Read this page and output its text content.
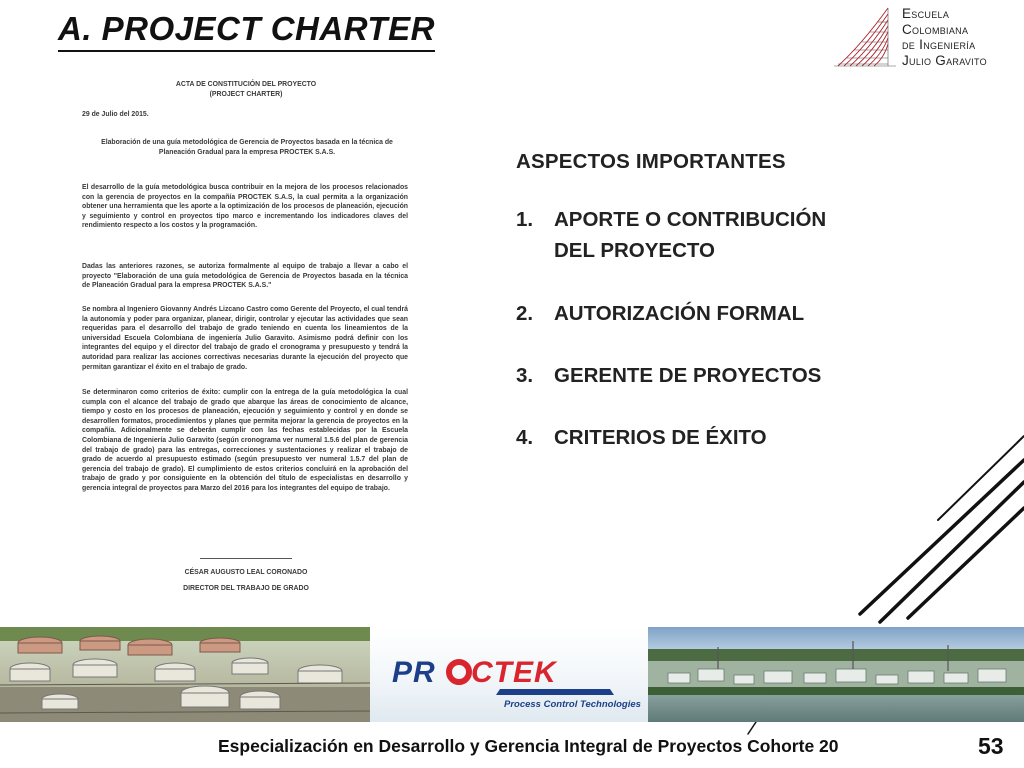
A. PROJECT CHARTER	Escuela
Colombiana
de Ingeniería
Julio Garavito
ACTA DE CONSTITUCIÓN DEL PROYECTO
(PROJECT CHARTER)
29 de Julio del 2015.
Elaboración de una guía metodológica de Gerencia de Proyectos basada en la técnica de Planeación Gradual para la empresa PROCTEK S.A.S.

El desarrollo de la guía metodológica busca contribuir en la mejora de los procesos relacionados con la gerencia de proyectos en la compañía PROCTEK S.A.S, la cual permita a la organización obtener una herramienta que les aporte a la optimización de los procesos de planeación, ejecución y seguimiento y control en proyectos tipo marco e incrementando los indicadores claves del rendimiento respecto a los costos y la programación.

Dadas las anteriores razones, se autoriza formalmente al equipo de trabajo a llevar a cabo el proyecto "Elaboración de una guía metodológica de Gerencia de Proyectos basada en la técnica de Planeación Gradual para la empresa PROCTEK S.A.S."

Se nombra al Ingeniero Giovanny Andrés Lizcano Castro como Gerente del Proyecto, el cual tendrá la autonomía y poder para organizar, planear, dirigir, controlar y ejecutar las actividades que sean requeridas para el desarrollo del trabajo de grado teniendo en cuenta los lineamientos de la universidad Escuela Colombiana de ingeniería Julio Garavito. Asimismo podrá definir con los integrantes del equipo y el director del trabajo de grado el cronograma y presupuesto y tendrá la autoridad para realizar las acciones correctivas necesarias durante la ejecución del proyecto que permitan garantizar el éxito en el trabajo de grado.

Se determinaron como criterios de éxito: cumplir con la entrega de la guía metodológica la cual cumpla con el alcance del trabajo de grado que abarque las áreas de conocimiento de alcance, tiempo y costo en los procesos de planeación, ejecución y seguimiento y control y en donde se desarrollen formatos, procedimientos y planes que permita mejorar la gerencia de proyectos en la compañía. Adicionalmente se deberán cumplir con las fechas establecidas por la Escuela Colombiana de Ingeniería Julio Garavito (según cronograma ver numeral 1.5.6 del plan de gerencia del trabajo de grado) para las entregas, correcciones y sustentaciones y realizar el trabajo de grado de acuerdo al presupuesto estimado (según presupuesto ver numeral 1.5.7 del plan de gerencia del trabajo de grado). El cumplimiento de estos criterios concluirá en la aprobación del trabajo de grado y por consiguiente en la obtención del título de especialistas en desarrollo y gerencia integral de proyectos para Marzo del 2016 para los integrantes del equipo de trabajo.

CÉSAR AUGUSTO LEAL CORONADO
DIRECTOR DEL TRABAJO DE GRADO
ASPECTOS IMPORTANTES
1. APORTE O CONTRIBUCIÓN
DEL PROYECTO
2. AUTORIZACIÓN FORMAL
3. GERENTE DE PROYECTOS
4. CRITERIOS DE ÉXITO
PR CTEK
Process Control Technologies
Especialización en Desarrollo y Gerencia Integral de Proyectos Cohorte 20	53
